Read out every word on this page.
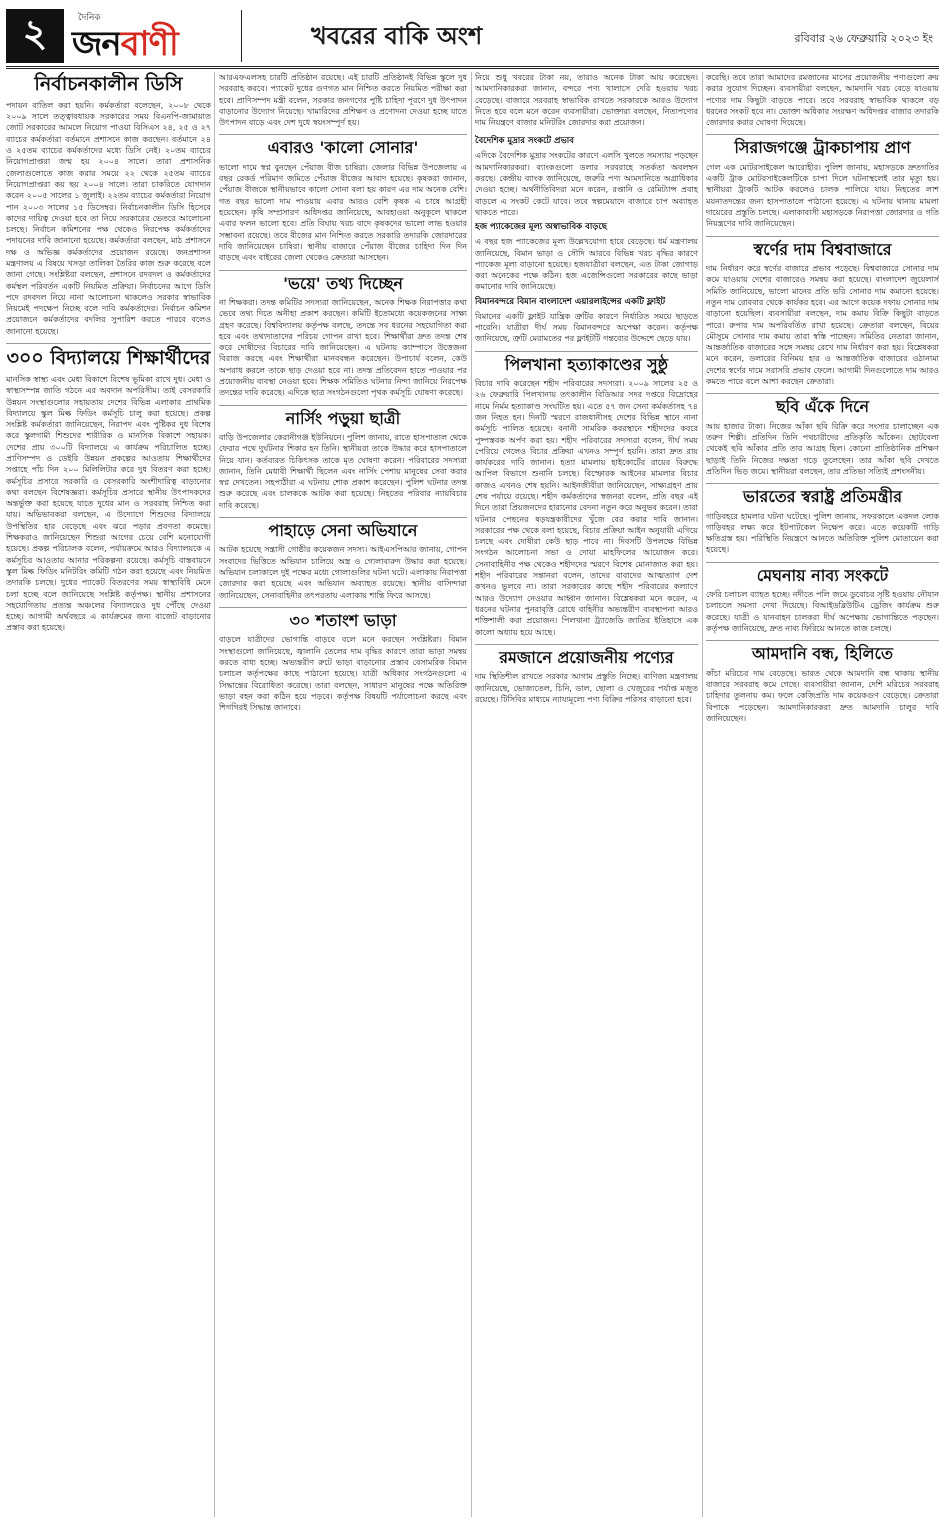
২	দৈনিক
জনবাণী	খবরের বাকি অংশ	রবিবার ২৬ ফেব্রুয়ারি ২০২৩ ইং
নির্বাচনকালীন ডিসি

পদায়ন বাতিল করা হয়নি। কর্মকর্তারা বলেছেন, ২০০৮ থেকে ২০০৯ সালে তত্ত্বাবধায়ক সরকারের সময় বিএনপি-জামায়াত জোট সরকারের আমলে নিয়োগ পাওয়া বিসিএস ২৪, ২৫ ও ২৭ ব্যাচের কর্মকর্তারা বর্তমানে প্রশাসনে কাজ করছেন। বর্তমানে ২৪ ও ২৫তম ব্যাচের কর্মকর্তাদের মধ্যে ডিসি নেই। ২০তম ব্যাচের নিয়োগপ্রাপ্তরা জন্ম হয় ২০০৪ সালে। তারা প্রশাসনিক জেলাগুলোতে কাজ করার সময়ে ২২ থেকে ২৫তম ব্যাচের নিয়োগপ্রাপ্তরা কয় ছয় ২০০৪ সালে। তারা চাকরিতে যোগদান করেন ২০০৫ সালের ১ জুলাই। ২২তম ব্যাচের কর্মকর্তারা নিয়োগ পান ২০০৩ সালের ১৫ ডিসেম্বর। নির্বাচনকালীন ডিসি হিসেবে কাদের দায়িত্ব দেওয়া হবে তা নিয়ে সরকারের ভেতরে আলোচনা চলছে। নির্বাচন কমিশনের পক্ষ থেকেও নিরপেক্ষ কর্মকর্তাদের পদায়নের দাবি জানানো হয়েছে। কর্মকর্তারা বলছেন, মাঠ প্রশাসনে দক্ষ ও অভিজ্ঞ কর্মকর্তাদের প্রয়োজন রয়েছে। জনপ্রশাসন মন্ত্রণালয় এ বিষয়ে খসড়া তালিকা তৈরির কাজ শুরু করেছে বলে জানা গেছে। সংশ্লিষ্টরা বলছেন, প্রশাসনে রদবদল ও কর্মকর্তাদের কর্মস্থল পরিবর্তন একটি নিয়মিত প্রক্রিয়া। নির্বাচনের আগে ডিসি পদে রদবদল নিয়ে নানা আলোচনা থাকলেও সরকার স্বাভাবিক নিয়মেই পদক্ষেপ নিচ্ছে বলে দাবি কর্মকর্তাদের। নির্বাচন কমিশন প্রয়োজনে কর্মকর্তাদের বদলির সুপারিশ করতে পারবে বলেও জানানো হয়েছে।

৩০০ বিদ্যালয়ে শিক্ষার্থীদের

মানসিক স্বাস্থ্য এবং মেধা বিকাশে বিশেষ ভূমিকা রাখে দুধ। মেধা ও স্বাস্থ্যসম্পন্ন জাতি গঠনে এর অবদান অপরিসীম। তাই বেসরকারি উন্নয়ন সংস্থাগুলোর সহায়তায় দেশের বিভিন্ন এলাকার প্রাথমিক বিদ্যালয়ে স্কুল মিল্ক ফিডিং কর্মসূচি চালু করা হয়েছে। প্রকল্প সংশ্লিষ্ট কর্মকর্তারা জানিয়েছেন, নিরাপদ এবং পুষ্টিকর দুধ বিশেষ করে স্কুলগামী শিশুদের শারীরিক ও মানসিক বিকাশে সহায়ক। দেশের প্রায় ৩০০টি বিদ্যালয়ে এ কার্যক্রম পরিচালিত হচ্ছে। প্রাণিসম্পদ ও ডেইরি উন্নয়ন প্রকল্পের আওতায় শিক্ষার্থীদের সপ্তাহে পাঁচ দিন ২০০ মিলিলিটার করে দুধ বিতরণ করা হচ্ছে। কর্মসূচির প্রসারে সরকারি ও বেসরকারি অংশীদারিত্ব বাড়ানোর কথা বলছেন বিশেষজ্ঞরা। কর্মসূচির প্রসারে স্থানীয় উৎপাদকদের অন্তর্ভুক্ত করা হয়েছে যাতে দুধের মান ও সরবরাহ নিশ্চিত করা যায়। অভিভাবকরা বলছেন, এ উদ্যোগে শিশুদের বিদ্যালয়ে উপস্থিতির হার বেড়েছে এবং ঝরে পড়ার প্রবণতা কমেছে। শিক্ষকরাও জানিয়েছেন শিশুরা আগের চেয়ে বেশি মনোযোগী হয়েছে। প্রকল্প পরিচালক বলেন, পর্যায়ক্রমে আরও বিদ্যালয়কে এ কর্মসূচির আওতায় আনার পরিকল্পনা রয়েছে। কর্মসূচি বাস্তবায়নে স্কুল মিল্ক ফিডিং মনিটরিং কমিটি গঠন করা হয়েছে এবং নিয়মিত তদারকি চলছে। দুধের প্যাকেট বিতরণের সময় স্বাস্থ্যবিধি মেনে চলা হচ্ছে বলে জানিয়েছে সংশ্লিষ্ট কর্তৃপক্ষ। স্থানীয় প্রশাসনের সহযোগিতায় প্রত্যন্ত অঞ্চলের বিদ্যালয়েও দুধ পৌঁছে দেওয়া হচ্ছে। আগামী অর্থবছরে এ কার্যক্রমের জন্য বাজেট বাড়ানোর প্রস্তাব করা হয়েছে।

আরএফএলসহ চারটি প্রতিষ্ঠান রয়েছে। এই চারটি প্রতিষ্ঠানই বিভিন্ন স্কুলে দুধ সরবরাহ করবে। প্যাকেট দুধের গুণগত মান নিশ্চিত করতে নিয়মিত পরীক্ষা করা হবে। প্রাণিসম্পদ মন্ত্রী বলেন, সরকার জনগণের পুষ্টি চাহিদা পূরণে দুধ উৎপাদন বাড়ানোর উদ্যোগ নিয়েছে। খামারিদের প্রশিক্ষণ ও প্রণোদনা দেওয়া হচ্ছে যাতে উৎপাদন বাড়ে এবং দেশ দুধে স্বয়ংসম্পূর্ণ হয়।

এবারও 'কালো সোনার'

ভালো দামে স্বপ্ন বুনছেন পেঁয়াজ বীজ চাষিরা। জেলার বিভিন্ন উপজেলায় এ বছর রেকর্ড পরিমাণ জমিতে পেঁয়াজ বীজের আবাদ হয়েছে। কৃষকরা জানান, পেঁয়াজ বীজকে স্থানীয়ভাবে কালো সোনা বলা হয় কারণ এর দাম অনেক বেশি। গত বছর ভালো দাম পাওয়ায় এবার আরও বেশি কৃষক এ চাষে আগ্রহী হয়েছেন। কৃষি সম্প্রসারণ অধিদপ্তর জানিয়েছে, আবহাওয়া অনুকূলে থাকলে এবার ফলন ভালো হবে। প্রতি বিঘায় খরচ বাদে কৃষকদের ভালো লাভ হওয়ার সম্ভাবনা রয়েছে। তবে বীজের মান নিশ্চিত করতে সরকারি তদারকি জোরদারের দাবি জানিয়েছেন চাষিরা। স্থানীয় বাজারে পেঁয়াজ বীজের চাহিদা দিন দিন বাড়ছে এবং বাইরের জেলা থেকেও ক্রেতারা আসছেন।

'ভয়ে' তথ্য দিচ্ছেন

না শিক্ষকরা। তদন্ত কমিটির সদস্যরা জানিয়েছেন, অনেক শিক্ষক নিরাপত্তার কথা ভেবে তথ্য দিতে অনীহা প্রকাশ করছেন। কমিটি ইতোমধ্যে কয়েকজনের সাক্ষ্য গ্রহণ করেছে। বিশ্ববিদ্যালয় কর্তৃপক্ষ বলছে, তদন্তে সব ধরনের সহযোগিতা করা হবে এবং তথ্যদাতাদের পরিচয় গোপন রাখা হবে। শিক্ষার্থীরা দ্রুত তদন্ত শেষ করে দোষীদের বিচারের দাবি জানিয়েছেন। এ ঘটনায় ক্যাম্পাসে উত্তেজনা বিরাজ করছে এবং শিক্ষার্থীরা মানববন্ধন করেছেন। উপাচার্য বলেন, কেউ অপরাধ করলে তাকে ছাড় দেওয়া হবে না। তদন্ত প্রতিবেদন হাতে পাওয়ার পর প্রয়োজনীয় ব্যবস্থা নেওয়া হবে। শিক্ষক সমিতিও ঘটনার নিন্দা জানিয়ে নিরপেক্ষ তদন্তের দাবি করেছে। এদিকে ছাত্র সংগঠনগুলো পৃথক কর্মসূচি ঘোষণা করেছে।

নার্সিং পড়ুয়া ছাত্রী

বাড়ি উপজেলার কেরানীগঞ্জ ইউনিয়নে। পুলিশ জানায়, রাতে হাসপাতাল থেকে ফেরার পথে দুর্ঘটনার শিকার হন তিনি। স্থানীয়রা তাকে উদ্ধার করে হাসপাতালে নিয়ে যান। কর্তব্যরত চিকিৎসক তাকে মৃত ঘোষণা করেন। পরিবারের সদস্যরা জানান, তিনি মেধাবী শিক্ষার্থী ছিলেন এবং নার্সিং পেশায় মানুষের সেবা করার স্বপ্ন দেখতেন। সহপাঠীরা এ ঘটনায় শোক প্রকাশ করেছেন। পুলিশ ঘটনার তদন্ত শুরু করেছে এবং চালককে আটক করা হয়েছে। নিহতের পরিবার ন্যায়বিচার দাবি করেছে।

পাহাড়ে সেনা অভিযানে

আটক হয়েছে সন্ত্রাসী গোষ্ঠীর কয়েকজন সদস্য। আইএসপিআর জানায়, গোপন সংবাদের ভিত্তিতে অভিযান চালিয়ে অস্ত্র ও গোলাবারুদ উদ্ধার করা হয়েছে। অভিযান চলাকালে দুই পক্ষের মধ্যে গোলাগুলির ঘটনা ঘটে। এলাকায় নিরাপত্তা জোরদার করা হয়েছে এবং অভিযান অব্যাহত রয়েছে। স্থানীয় বাসিন্দারা জানিয়েছেন, সেনাবাহিনীর তৎপরতায় এলাকায় শান্তি ফিরে আসছে।

৩০ শতাংশ ভাড়া

বাড়লে যাত্রীদের ভোগান্তি বাড়বে বলে মনে করছেন সংশ্লিষ্টরা। বিমান সংস্থাগুলো জানিয়েছে, জ্বালানি তেলের দাম বৃদ্ধির কারণে তারা ভাড়া সমন্বয় করতে বাধ্য হচ্ছে। অভ্যন্তরীণ রুটে ভাড়া বাড়ানোর প্রস্তাব বেসামরিক বিমান চলাচল কর্তৃপক্ষের কাছে পাঠানো হয়েছে। যাত্রী অধিকার সংগঠনগুলো এ সিদ্ধান্তের বিরোধিতা করেছে। তারা বলছেন, সাধারণ মানুষের পক্ষে অতিরিক্ত ভাড়া বহন করা কঠিন হয়ে পড়বে। কর্তৃপক্ষ বিষয়টি পর্যালোচনা করছে এবং শিগগিরই সিদ্ধান্ত জানাবে।

নিয়ে শুধু খবরের টাকা নয়, তারাও অনেক টাকা আয় করেছেন। আমদানিকারকরা জানান, বন্দরে পণ্য খালাসে দেরি হওয়ায় খরচ বেড়েছে। বাজারে সরবরাহ স্বাভাবিক রাখতে সরকারকে আরও উদ্যোগ নিতে হবে বলে মনে করেন ব্যবসায়ীরা। ভোক্তারা বলছেন, নিত্যপণ্যের দাম নিয়ন্ত্রণে বাজার মনিটরিং জোরদার করা প্রয়োজন।

বৈদেশিক মুদ্রার সংকটে প্রভাব

এদিকে বৈদেশিক মুদ্রার সংকটের কারণে এলসি খুলতে সমস্যায় পড়ছেন আমদানিকারকরা। ব্যাংকগুলো ডলার সরবরাহে সতর্কতা অবলম্বন করছে। কেন্দ্রীয় ব্যাংক জানিয়েছে, জরুরি পণ্য আমদানিতে অগ্রাধিকার দেওয়া হচ্ছে। অর্থনীতিবিদরা মনে করেন, রপ্তানি ও রেমিট্যান্স প্রবাহ বাড়লে এ সংকট কেটে যাবে। তবে স্বল্পমেয়াদে বাজারে চাপ অব্যাহত থাকতে পারে।

হজ প্যাকেজের মূল্য অস্বাভাবিক বাড়ছে

এ বছর হজ প্যাকেজের মূল্য উল্লেখযোগ্য হারে বেড়েছে। ধর্ম মন্ত্রণালয় জানিয়েছে, বিমান ভাড়া ও সৌদি আরবে বিভিন্ন খরচ বৃদ্ধির কারণে প্যাকেজ মূল্য বাড়ানো হয়েছে। হজযাত্রীরা বলছেন, এত টাকা জোগাড় করা অনেকের পক্ষে কঠিন। হজ এজেন্সিগুলো সরকারের কাছে ভাড়া কমানোর দাবি জানিয়েছে।

বিমানবন্দরে বিমান বাংলাদেশ এয়ারলাইন্সের একটি ফ্লাইট

বিমানের একটি ফ্লাইট যান্ত্রিক ত্রুটির কারণে নির্ধারিত সময়ে ছাড়তে পারেনি। যাত্রীরা দীর্ঘ সময় বিমানবন্দরে অপেক্ষা করেন। কর্তৃপক্ষ জানিয়েছে, ত্রুটি মেরামতের পর ফ্লাইটটি গন্তব্যের উদ্দেশে ছেড়ে যায়।

পিলখানা হত্যাকাণ্ডের সুষ্ঠু

বিচার দাবি করেছেন শহীদ পরিবারের সদস্যরা। ২০০৯ সালের ২৫ ও ২৬ ফেব্রুয়ারি পিলখানায় তৎকালীন বিডিআর সদর দপ্তরে বিদ্রোহের নামে নির্মম হত্যাকাণ্ড সংঘটিত হয়। এতে ৫৭ জন সেনা কর্মকর্তাসহ ৭৪ জন নিহত হন। দিনটি স্মরণে রাজধানীসহ দেশের বিভিন্ন স্থানে নানা কর্মসূচি পালিত হয়েছে। বনানী সামরিক কবরস্থানে শহীদদের কবরে পুষ্পস্তবক অর্পণ করা হয়। শহীদ পরিবারের সদস্যরা বলেন, দীর্ঘ সময় পেরিয়ে গেলেও বিচার প্রক্রিয়া এখনও সম্পূর্ণ হয়নি। তারা দ্রুত রায় কার্যকরের দাবি জানান। হত্যা মামলায় হাইকোর্টের রায়ের বিরুদ্ধে আপিল বিভাগে শুনানি চলছে। বিস্ফোরক আইনের মামলার বিচার কাজও এখনও শেষ হয়নি। আইনজীবীরা জানিয়েছেন, সাক্ষ্যগ্রহণ প্রায় শেষ পর্যায়ে রয়েছে। শহীদ কর্মকর্তাদের স্বজনরা বলেন, প্রতি বছর এই দিনে তারা প্রিয়জনদের হারানোর বেদনা নতুন করে অনুভব করেন। তারা ঘটনার পেছনের ষড়যন্ত্রকারীদের খুঁজে বের করার দাবি জানান। সরকারের পক্ষ থেকে বলা হয়েছে, বিচার প্রক্রিয়া আইন অনুযায়ী এগিয়ে চলছে এবং দোষীরা কেউ ছাড় পাবে না। দিবসটি উপলক্ষে বিভিন্ন সংগঠন আলোচনা সভা ও দোয়া মাহফিলের আয়োজন করে। সেনাবাহিনীর পক্ষ থেকেও শহীদদের স্মরণে বিশেষ মোনাজাত করা হয়। শহীদ পরিবারের সন্তানরা বলেন, তাদের বাবাদের আত্মত্যাগ দেশ কখনও ভুলবে না। তারা সরকারের কাছে শহীদ পরিবারের কল্যাণে আরও উদ্যোগ নেওয়ার আহ্বান জানান। বিশ্লেষকরা মনে করেন, এ ধরনের ঘটনার পুনরাবৃত্তি রোধে বাহিনীর অভ্যন্তরীণ ব্যবস্থাপনা আরও শক্তিশালী করা প্রয়োজন। পিলখানা ট্র্যাজেডি জাতির ইতিহাসে এক কালো অধ্যায় হয়ে আছে।

রমজানে প্রয়োজনীয় পণ্যের

দাম স্থিতিশীল রাখতে সরকার আগাম প্রস্তুতি নিচ্ছে। বাণিজ্য মন্ত্রণালয় জানিয়েছে, ভোজ্যতেল, চিনি, ডাল, ছোলা ও খেজুরের পর্যাপ্ত মজুত রয়েছে। টিসিবির মাধ্যমে ন্যায্যমূল্যে পণ্য বিক্রির পরিসর বাড়ানো হবে।

করেছি। তবে তারা আমাদের রমজানের মাসের প্রয়োজনীয় পণ্যগুলো ক্রয় করার সুযোগ দিচ্ছেন। ব্যবসায়ীরা বলছেন, আমদানি খরচ বেড়ে যাওয়ায় পণ্যের দাম কিছুটা বাড়তে পারে। তবে সরবরাহ স্বাভাবিক থাকলে বড় ধরনের সংকট হবে না। ভোক্তা অধিকার সংরক্ষণ অধিদপ্তর বাজার তদারকি জোরদার করার ঘোষণা দিয়েছে।

সিরাজগঞ্জে ট্রাকচাপায় প্রাণ

গেল এক মোটরসাইকেল আরোহীর। পুলিশ জানায়, মহাসড়কে দ্রুতগতির একটি ট্রাক মোটরসাইকেলটিকে চাপা দিলে ঘটনাস্থলেই তার মৃত্যু হয়। স্থানীয়রা ট্রাকটি আটক করলেও চালক পালিয়ে যায়। নিহতের লাশ ময়নাতদন্তের জন্য হাসপাতালে পাঠানো হয়েছে। এ ঘটনায় থানায় মামলা দায়েরের প্রস্তুতি চলছে। এলাকাবাসী মহাসড়কে নিরাপত্তা জোরদার ও গতি নিয়ন্ত্রণের দাবি জানিয়েছেন।

স্বর্ণের দাম বিশ্ববাজারে

দাম নির্ধারণ করে স্বর্ণের বাজারে প্রভাব পড়েছে। বিশ্ববাজারে সোনার দাম কমে যাওয়ায় দেশের বাজারেও সমন্বয় করা হয়েছে। বাংলাদেশ জুয়েলার্স সমিতি জানিয়েছে, ভালো মানের প্রতি ভরি সোনার দাম কমানো হয়েছে। নতুন দাম রোববার থেকে কার্যকর হবে। এর আগে কয়েক দফায় সোনার দাম বাড়ানো হয়েছিল। ব্যবসায়ীরা বলছেন, দাম কমায় বিক্রি কিছুটা বাড়তে পারে। রুপার দাম অপরিবর্তিত রাখা হয়েছে। ক্রেতারা বলছেন, বিয়ের মৌসুমে সোনার দাম কমায় তারা স্বস্তি পাচ্ছেন। সমিতির নেতারা জানান, আন্তর্জাতিক বাজারের সঙ্গে সমন্বয় রেখে দাম নির্ধারণ করা হয়। বিশ্লেষকরা মনে করেন, ডলারের বিনিময় হার ও আন্তর্জাতিক বাজারের ওঠানামা দেশের স্বর্ণের দামে সরাসরি প্রভাব ফেলে। আগামী দিনগুলোতে দাম আরও কমতে পারে বলে আশা করছেন ক্রেতারা।

ছবি এঁকে দিনে

আয় হাজার টাকা। নিজের আঁকা ছবি বিক্রি করে সংসার চালাচ্ছেন এক তরুণ শিল্পী। প্রতিদিন তিনি পথচারীদের প্রতিকৃতি আঁকেন। ছোটবেলা থেকেই ছবি আঁকার প্রতি তার আগ্রহ ছিল। কোনো প্রাতিষ্ঠানিক প্রশিক্ষণ ছাড়াই তিনি নিজের দক্ষতা গড়ে তুলেছেন। তার আঁকা ছবি দেখতে প্রতিদিন ভিড় জমে। স্থানীয়রা বলছেন, তার প্রতিভা সত্যিই প্রশংসনীয়।

ভারতের স্বরাষ্ট্র প্রতিমন্ত্রীর

গাড়িবহরে হামলার ঘটনা ঘটেছে। পুলিশ জানায়, সফরকালে একদল লোক গাড়িবহর লক্ষ্য করে ইটপাটকেল নিক্ষেপ করে। এতে কয়েকটি গাড়ি ক্ষতিগ্রস্ত হয়। পরিস্থিতি নিয়ন্ত্রণে আনতে অতিরিক্ত পুলিশ মোতায়েন করা হয়েছে।

মেঘনায় নাব্য সংকটে

ফেরি চলাচল ব্যাহত হচ্ছে। নদীতে পলি জমে ডুবোচর সৃষ্টি হওয়ায় নৌযান চলাচলে সমস্যা দেখা দিয়েছে। বিআইডব্লিউটিএ ড্রেজিং কার্যক্রম শুরু করেছে। যাত্রী ও যানবাহন চালকরা দীর্ঘ অপেক্ষায় ভোগান্তিতে পড়ছেন। কর্তৃপক্ষ জানিয়েছে, দ্রুত নাব্য ফিরিয়ে আনতে কাজ চলছে।

আমদানি বন্ধ, হিলিতে

কাঁচা মরিচের দাম বেড়েছে। ভারত থেকে আমদানি বন্ধ থাকায় স্থানীয় বাজারে সরবরাহ কমে গেছে। ব্যবসায়ীরা জানান, দেশি মরিচের সরবরাহ চাহিদার তুলনায় কম। ফলে কেজিপ্রতি দাম কয়েকগুণ বেড়েছে। ক্রেতারা বিপাকে পড়েছেন। আমদানিকারকরা দ্রুত আমদানি চালুর দাবি জানিয়েছেন।
